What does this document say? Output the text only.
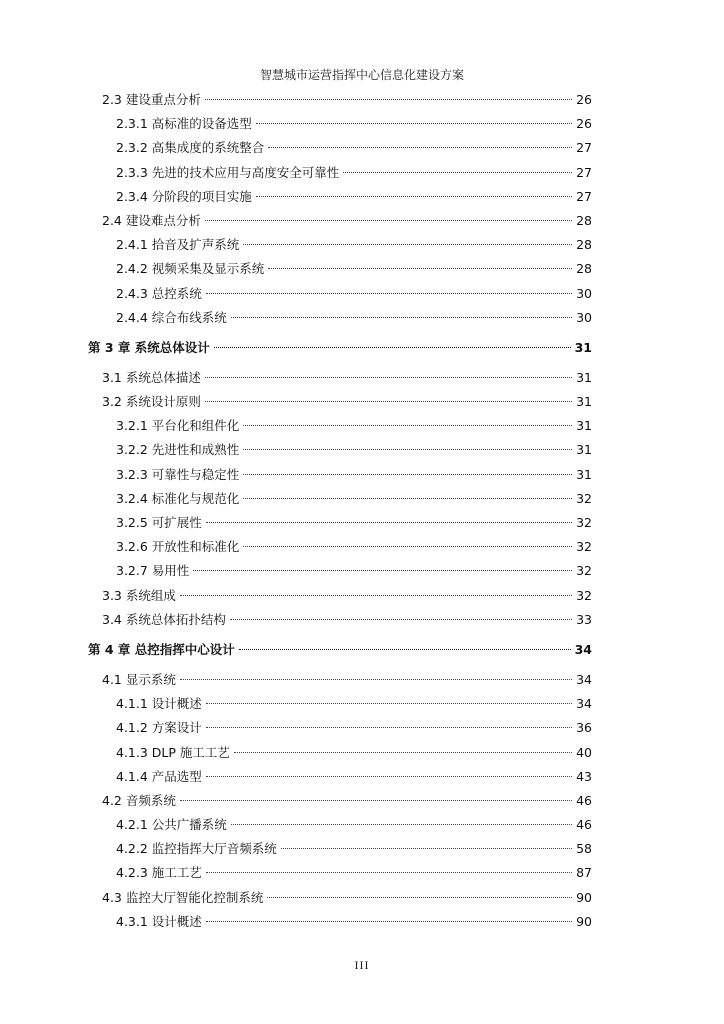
智慧城市运营指挥中心信息化建设方案
2.3 建设重点分析	26
2.3.1 高标准的设备选型	26
2.3.2 高集成度的系统整合	27
2.3.3 先进的技术应用与高度安全可靠性	27
2.3.4 分阶段的项目实施	27
2.4 建设难点分析	28
2.4.1 拾音及扩声系统	28
2.4.2 视频采集及显示系统	28
2.4.3 总控系统	30
2.4.4 综合布线系统	30
第 3 章 系统总体设计	31
3.1 系统总体描述	31
3.2 系统设计原则	31
3.2.1 平台化和组件化	31
3.2.2 先进性和成熟性	31
3.2.3 可靠性与稳定性	31
3.2.4 标准化与规范化	32
3.2.5 可扩展性	32
3.2.6 开放性和标准化	32
3.2.7 易用性	32
3.3 系统组成	32
3.4 系统总体拓扑结构	33
第 4 章 总控指挥中心设计	34
4.1 显示系统	34
4.1.1 设计概述	34
4.1.2 方案设计	36
4.1.3 DLP 施工工艺	40
4.1.4 产品选型	43
4.2 音频系统	46
4.2.1 公共广播系统	46
4.2.2 监控指挥大厅音频系统	58
4.2.3 施工工艺	87
4.3 监控大厅智能化控制系统	90
4.3.1 设计概述	90
III
